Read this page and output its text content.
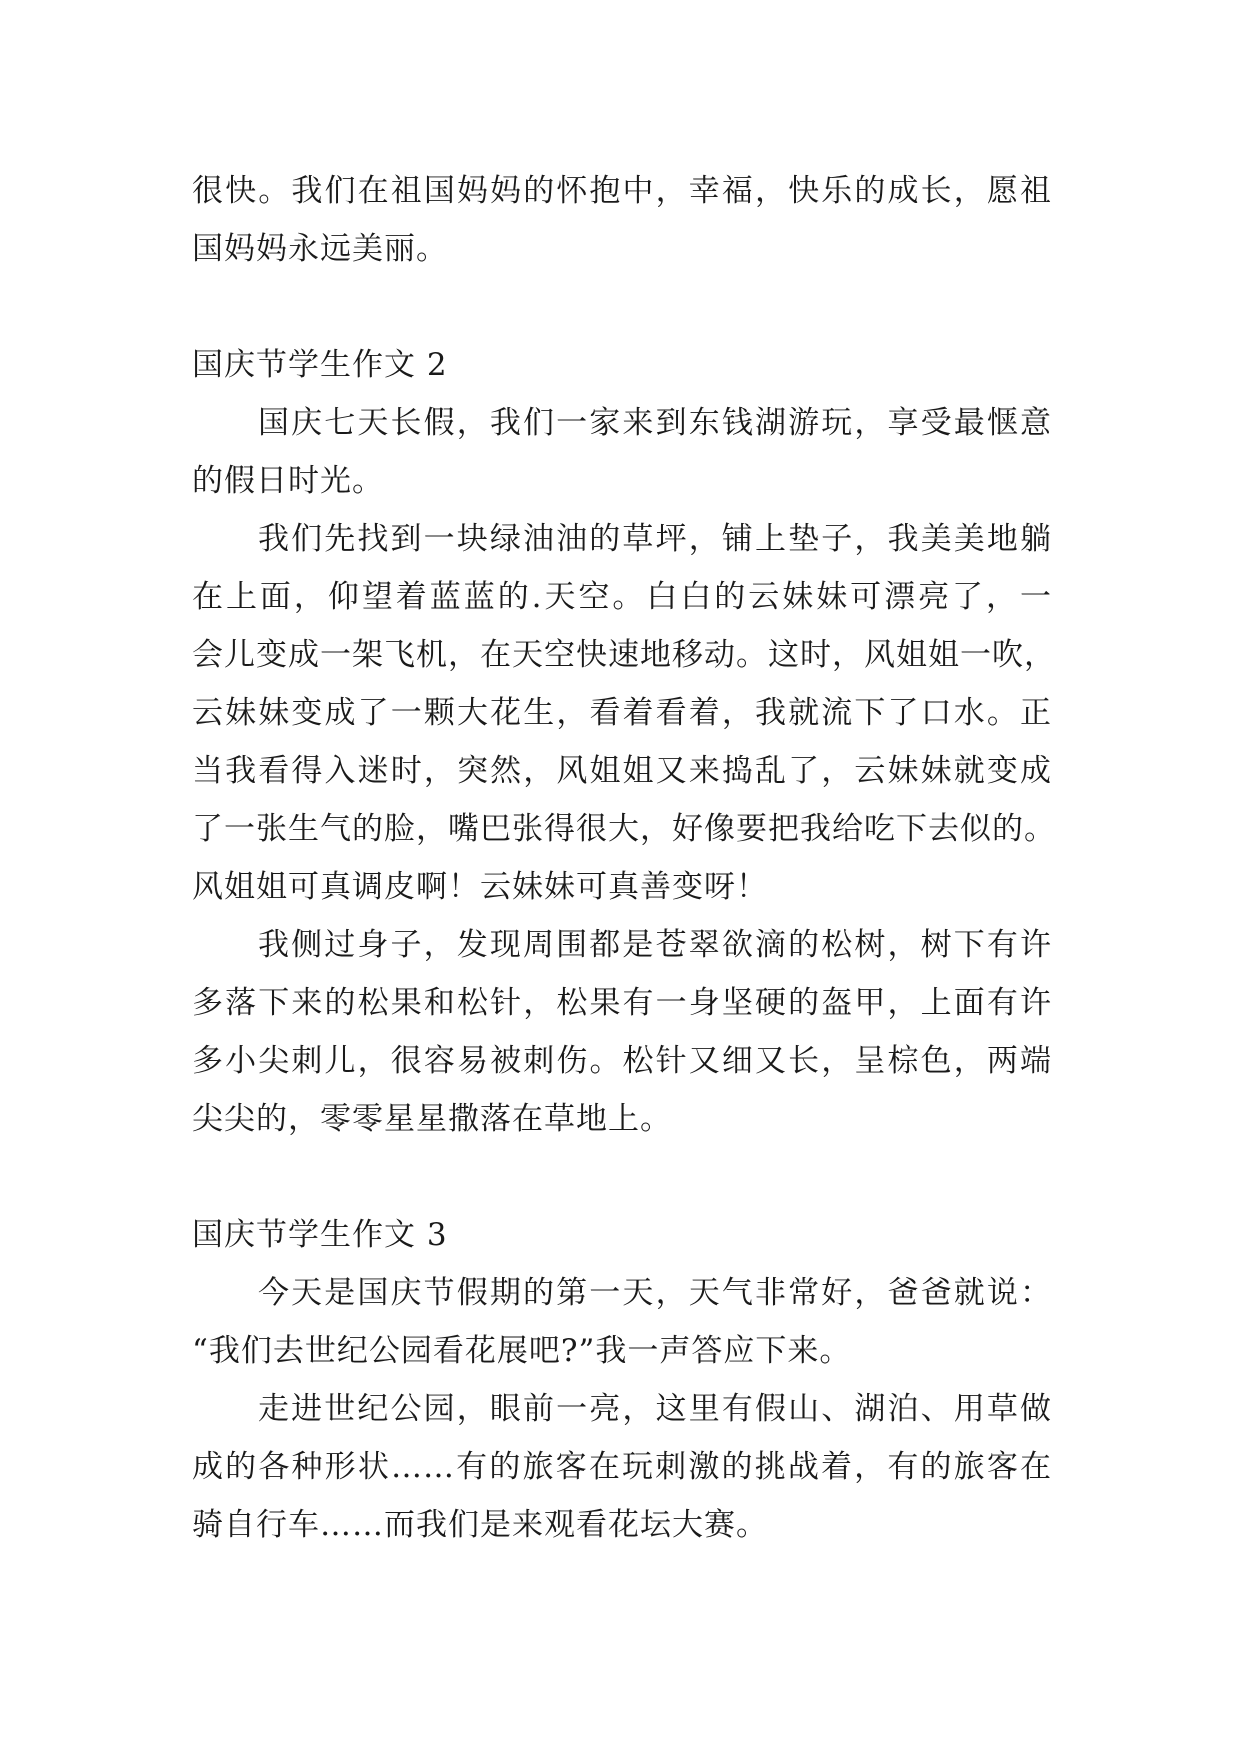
很快。我们在祖国妈妈的怀抱中，幸福，快乐的成长，愿祖
国妈妈永远美丽。
国庆节学生作文 2
国庆七天长假，我们一家来到东钱湖游玩，享受最惬意
的假日时光。
我们先找到一块绿油油的草坪，铺上垫子，我美美地躺
在上面，仰望着蓝蓝的.天空。白白的云妹妹可漂亮了，一
会儿变成一架飞机，在天空快速地移动。这时，风姐姐一吹，
云妹妹变成了一颗大花生，看着看着，我就流下了口水。正
当我看得入迷时，突然，风姐姐又来捣乱了，云妹妹就变成
了一张生气的脸，嘴巴张得很大，好像要把我给吃下去似的。
风姐姐可真调皮啊！云妹妹可真善变呀！
我侧过身子，发现周围都是苍翠欲滴的松树，树下有许
多落下来的松果和松针，松果有一身坚硬的盔甲，上面有许
多小尖刺儿，很容易被刺伤。松针又细又长，呈棕色，两端
尖尖的，零零星星撒落在草地上。
国庆节学生作文 3
今天是国庆节假期的第一天，天气非常好，爸爸就说：
“我们去世纪公园看花展吧?”我一声答应下来。
走进世纪公园，眼前一亮，这里有假山、湖泊、用草做
成的各种形状……有的旅客在玩刺激的挑战着，有的旅客在
骑自行车……而我们是来观看花坛大赛。
